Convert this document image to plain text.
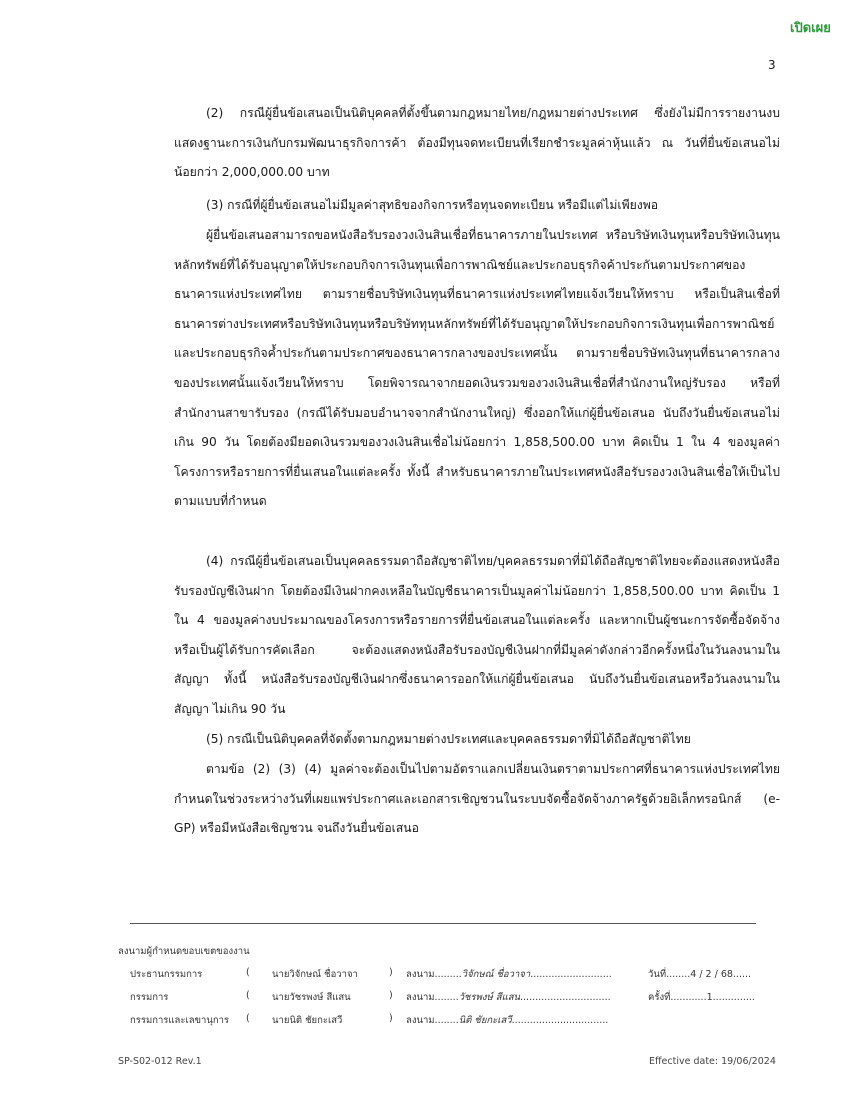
เปิดเผย
3
(2) กรณีผู้ยื่นข้อเสนอเป็นนิติบุคคลที่ตั้งขึ้นตามกฎหมายไทย/กฎหมายต่างประเทศ ซึ่งยังไม่มีการรายงานงบแสดงฐานะการเงินกับกรมพัฒนาธุรกิจการค้า ต้องมีทุนจดทะเบียนที่เรียกชำระมูลค่าหุ้นแล้ว ณ วันที่ยื่นข้อเสนอไม่น้อยกว่า 2,000,000.00 บาท
(3) กรณีที่ผู้ยื่นข้อเสนอไม่มีมูลค่าสุทธิของกิจการหรือทุนจดทะเบียน หรือมีแต่ไม่เพียงพอ
ผู้ยื่นข้อเสนอสามารถขอหนังสือรับรองวงเงินสินเชื่อที่ธนาคารภายในประเทศ หรือบริษัทเงินทุนหรือบริษัทเงินทุนหลักทรัพย์ที่ได้รับอนุญาตให้ประกอบกิจการเงินทุนเพื่อการพาณิชย์และประกอบธุรกิจค้าประกันตามประกาศของธนาคารแห่งประเทศไทย ตามรายชื่อบริษัทเงินทุนที่ธนาคารแห่งประเทศไทยแจ้งเวียนให้ทราบ หรือเป็นสินเชื่อที่ธนาคารต่างประเทศหรือบริษัทเงินทุนหรือบริษัททุนหลักทรัพย์ที่ได้รับอนุญาตให้ประกอบกิจการเงินทุนเพื่อการพาณิชย์และประกอบธุรกิจค้ำประกันตามประกาศของธนาคารกลางของประเทศนั้น ตามรายชื่อบริษัทเงินทุนที่ธนาคารกลางของประเทศนั้นแจ้งเวียนให้ทราบ โดยพิจารณาจากยอดเงินรวมของวงเงินสินเชื่อที่สำนักงานใหญ่รับรอง หรือที่สำนักงานสาขารับรอง (กรณีได้รับมอบอำนาจจากสำนักงานใหญ่) ซึ่งออกให้แก่ผู้ยื่นข้อเสนอ นับถึงวันยื่นข้อเสนอไม่เกิน 90 วัน โดยต้องมียอดเงินรวมของวงเงินสินเชื่อไม่น้อยกว่า 1,858,500.00 บาท คิดเป็น 1 ใน 4 ของมูลค่าโครงการหรือรายการที่ยื่นเสนอในแต่ละครั้ง ทั้งนี้ สำหรับธนาคารภายในประเทศหนังสือรับรองวงเงินสินเชื่อให้เป็นไปตามแบบที่กำหนด
(4) กรณีผู้ยื่นข้อเสนอเป็นบุคคลธรรมดาถือสัญชาติไทย/บุคคลธรรมดาที่มิได้ถือสัญชาติไทยจะต้องแสดงหนังสือรับรองบัญชีเงินฝาก โดยต้องมีเงินฝากคงเหลือในบัญชีธนาคารเป็นมูลค่าไม่น้อยกว่า 1,858,500.00 บาท คิดเป็น 1 ใน 4 ของมูลค่างบประมาณของโครงการหรือรายการที่ยื่นข้อเสนอในแต่ละครั้ง และหากเป็นผู้ชนะการจัดซื้อจัดจ้างหรือเป็นผู้ได้รับการคัดเลือก จะต้องแสดงหนังสือรับรองบัญชีเงินฝากที่มีมูลค่าดังกล่าวอีกครั้งหนึ่งในวันลงนามในสัญญา ทั้งนี้ หนังสือรับรองบัญชีเงินฝากซึ่งธนาคารออกให้แก่ผู้ยื่นข้อเสนอ นับถึงวันยื่นข้อเสนอหรือวันลงนามในสัญญา ไม่เกิน 90 วัน
(5) กรณีเป็นนิติบุคคลที่จัดตั้งตามกฎหมายต่างประเทศและบุคคลธรรมดาที่มิได้ถือสัญชาติไทย
ตามข้อ (2) (3) (4) มูลค่าจะต้องเป็นไปตามอัตราแลกเปลี่ยนเงินตราตามประกาศที่ธนาคารแห่งประเทศไทยกำหนดในช่วงระหว่างวันที่เผยแพร่ประกาศและเอกสารเชิญชวนในระบบจัดซื้อจัดจ้างภาครัฐด้วยอิเล็กทรอนิกส์ (e-GP) หรือมีหนังสือเชิญชวน จนถึงวันยื่นข้อเสนอ
ลงนามผู้กำหนดขอบเขตของงาน
ประธานกรรมการ	( นายวิจักษณ์ ชื่อวาจา	) ลงนาม.........วิจักษณ์ ชื่อวาจา...........................	วันที่........4 / 2 / 68......
กรรมการ	( นายวัชรพงษ์ สีแสน	) ลงนาม........วัชรพงษ์ สีแสน..............................	ครั้งที่............1..............
กรรมการและเลขานุการ ( นายนิติ ชัยกะเสวี	) ลงนาม........นิติ ชัยกะเสวี................................
SP-S02-012 Rev.1	Effective date: 19/06/2024
